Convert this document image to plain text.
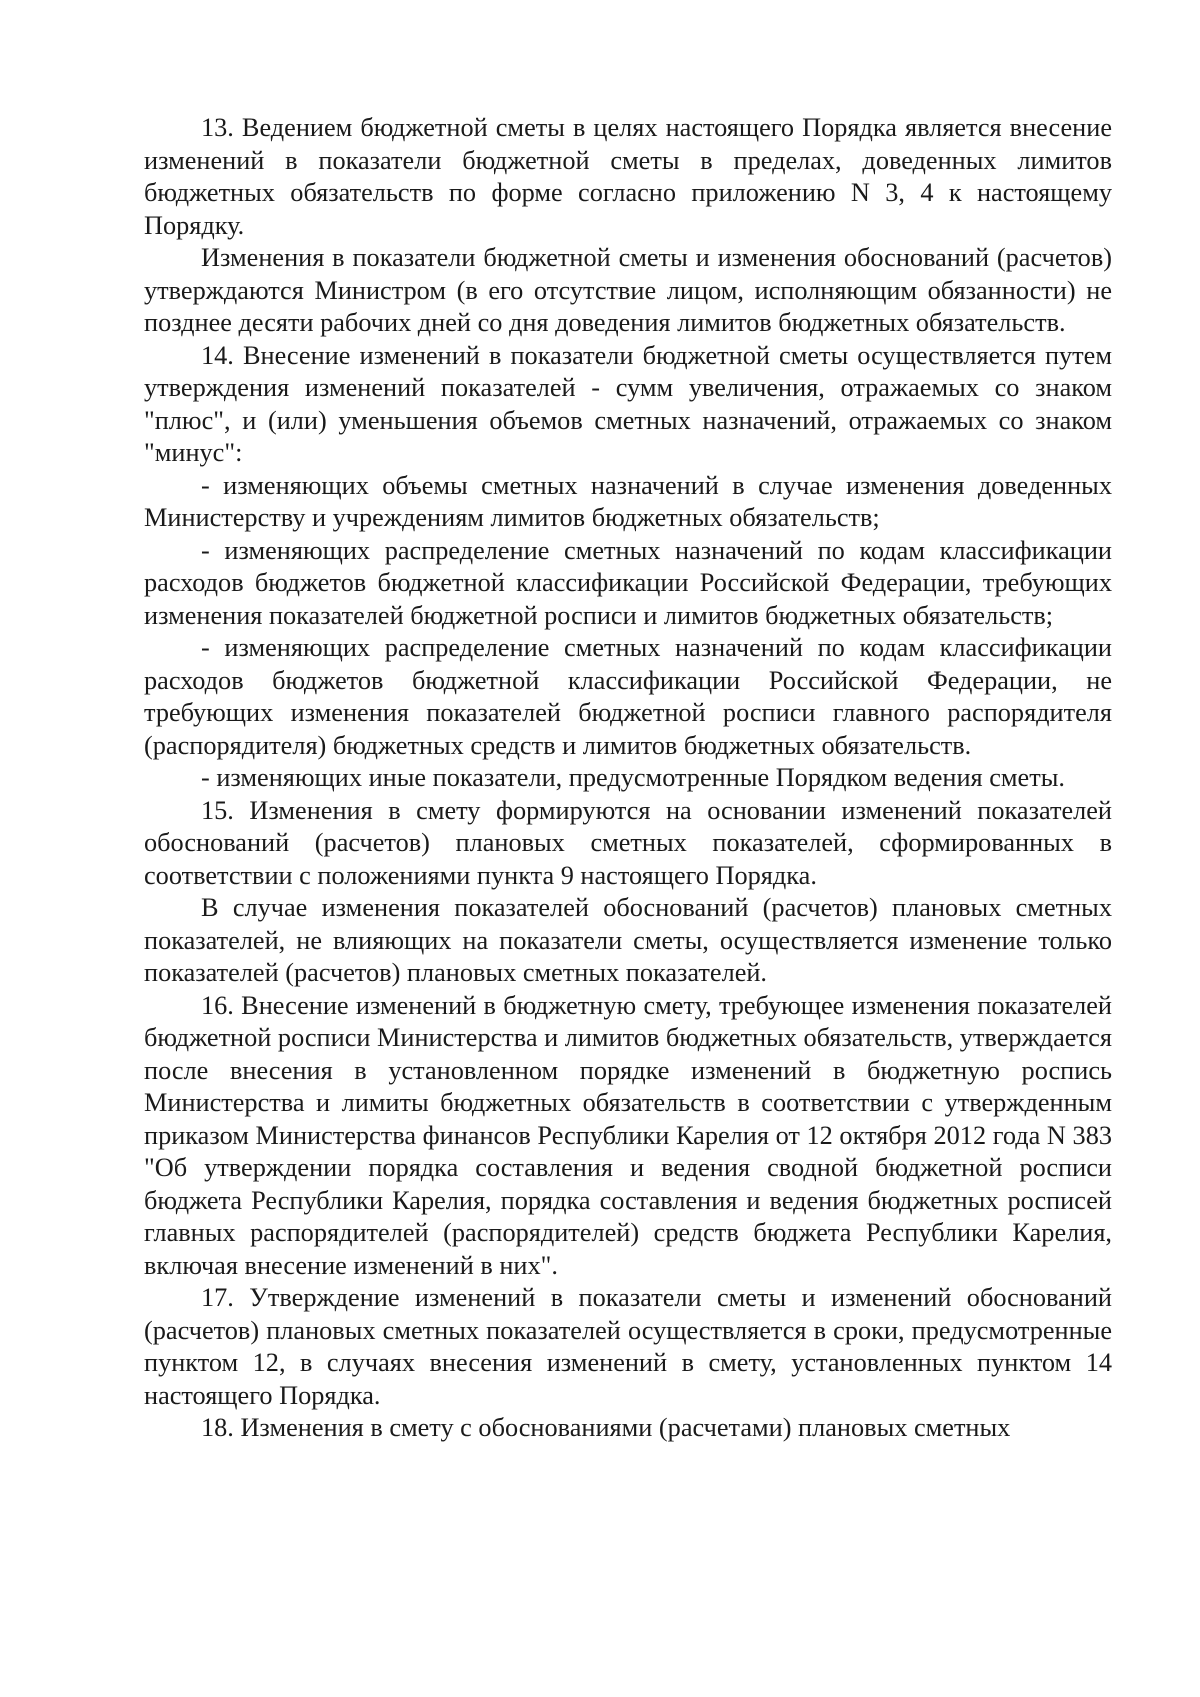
13. Ведением бюджетной сметы в целях настоящего Порядка является внесение изменений в показатели бюджетной сметы в пределах, доведенных лимитов бюджетных обязательств по форме согласно приложению N 3, 4 к настоящему Порядку.

Изменения в показатели бюджетной сметы и изменения обоснований (расчетов) утверждаются Министром (в его отсутствие лицом, исполняющим обязанности) не позднее десяти рабочих дней со дня доведения лимитов бюджетных обязательств.

14. Внесение изменений в показатели бюджетной сметы осуществляется путем утверждения изменений показателей - сумм увеличения, отражаемых со знаком "плюс", и (или) уменьшения объемов сметных назначений, отражаемых со знаком "минус":

- изменяющих объемы сметных назначений в случае изменения доведенных Министерству и учреждениям лимитов бюджетных обязательств;

- изменяющих распределение сметных назначений по кодам классификации расходов бюджетов бюджетной классификации Российской Федерации, требующих изменения показателей бюджетной росписи и лимитов бюджетных обязательств;

- изменяющих распределение сметных назначений по кодам классификации расходов бюджетов бюджетной классификации Российской Федерации, не требующих изменения показателей бюджетной росписи главного распорядителя (распорядителя) бюджетных средств и лимитов бюджетных обязательств.

- изменяющих иные показатели, предусмотренные Порядком ведения сметы.

15. Изменения в смету формируются на основании изменений показателей обоснований (расчетов) плановых сметных показателей, сформированных в соответствии с положениями пункта 9 настоящего Порядка.

В случае изменения показателей обоснований (расчетов) плановых сметных показателей, не влияющих на показатели сметы, осуществляется изменение только показателей (расчетов) плановых сметных показателей.

16. Внесение изменений в бюджетную смету, требующее изменения показателей бюджетной росписи Министерства и лимитов бюджетных обязательств, утверждается после внесения в установленном порядке изменений в бюджетную роспись Министерства и лимиты бюджетных обязательств в соответствии с утвержденным приказом Министерства финансов Республики Карелия от 12 октября 2012 года N 383 "Об утверждении порядка составления и ведения сводной бюджетной росписи бюджета Республики Карелия, порядка составления и ведения бюджетных росписей главных распорядителей (распорядителей) средств бюджета Республики Карелия, включая внесение изменений в них".

17. Утверждение изменений в показатели сметы и изменений обоснований (расчетов) плановых сметных показателей осуществляется в сроки, предусмотренные пунктом 12, в случаях внесения изменений в смету, установленных пунктом 14 настоящего Порядка.

18. Изменения в смету с обоснованиями (расчетами) плановых сметных
